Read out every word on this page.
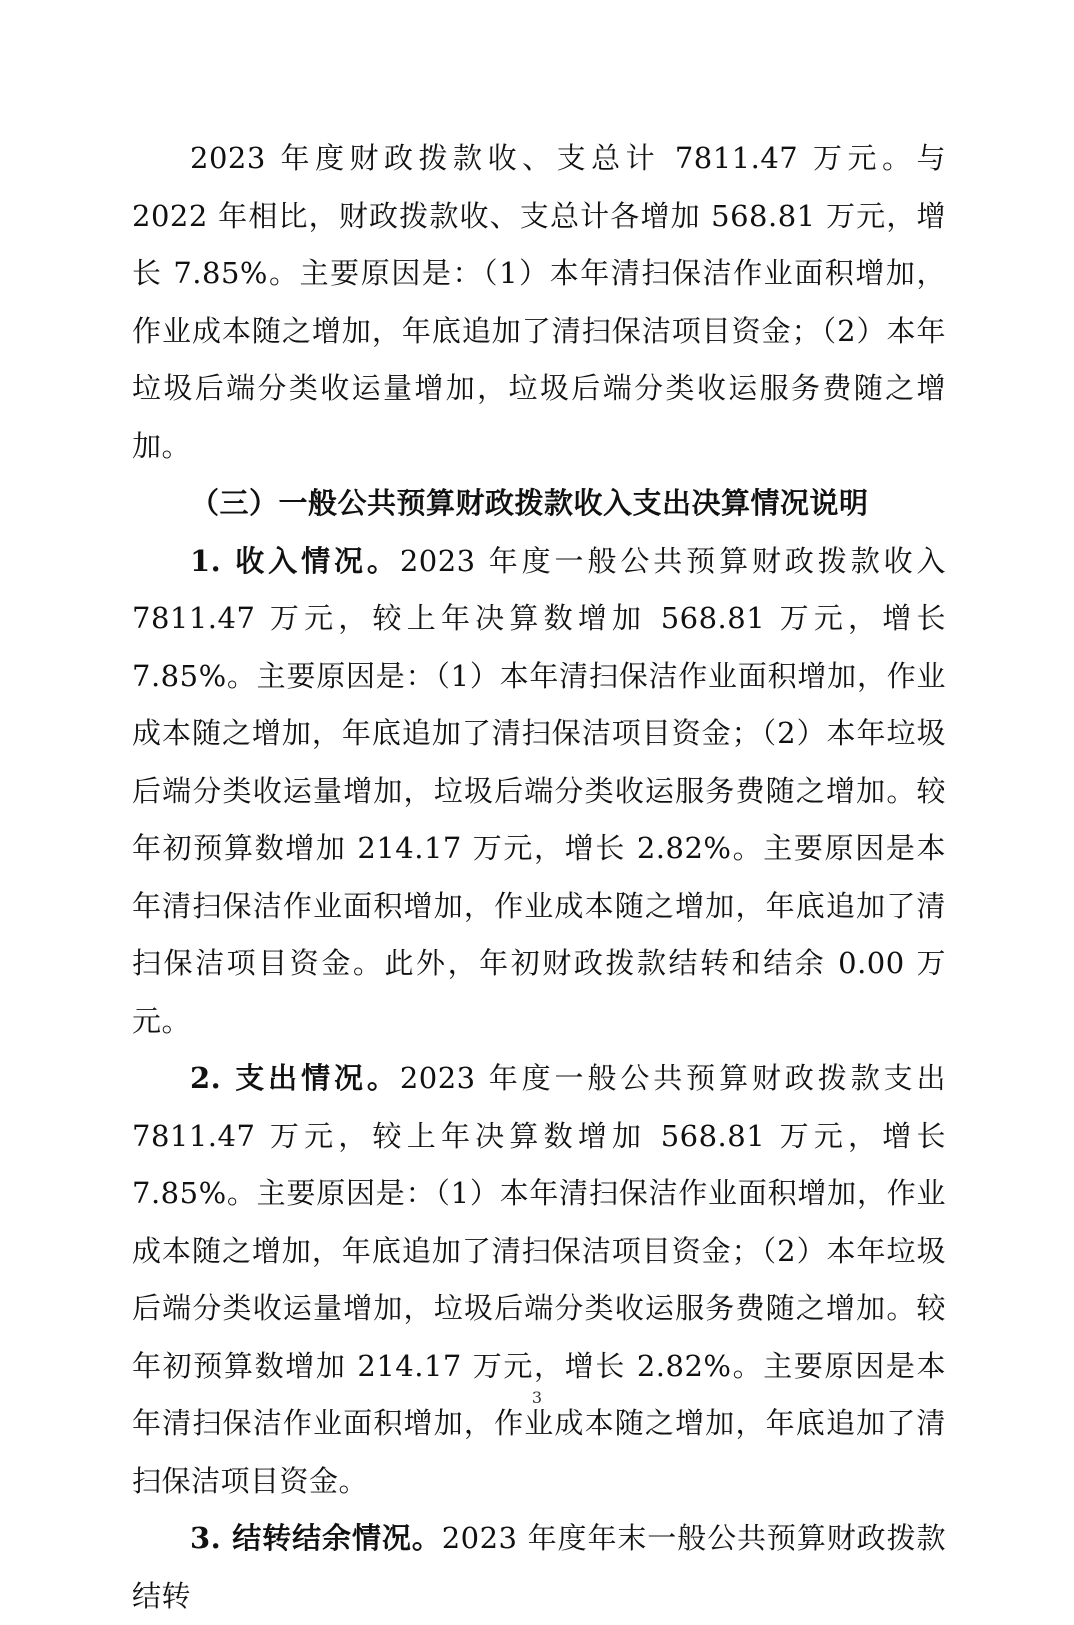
2023 年度财政拨款收、支总计 7811.47 万元。与 2022 年相比，财政拨款收、支总计各增加 568.81 万元，增长 7.85%。主要原因是：（1）本年清扫保洁作业面积增加，作业成本随之增加，年底追加了清扫保洁项目资金；（2）本年垃圾后端分类收运量增加，垃圾后端分类收运服务费随之增加。

（三）一般公共预算财政拨款收入支出决算情况说明

1. 收入情况。2023 年度一般公共预算财政拨款收入 7811.47 万元，较上年决算数增加 568.81 万元，增长 7.85%。主要原因是：（1）本年清扫保洁作业面积增加，作业成本随之增加，年底追加了清扫保洁项目资金；（2）本年垃圾后端分类收运量增加，垃圾后端分类收运服务费随之增加。较年初预算数增加 214.17 万元，增长 2.82%。主要原因是本年清扫保洁作业面积增加，作业成本随之增加，年底追加了清扫保洁项目资金。此外，年初财政拨款结转和结余 0.00 万元。

2. 支出情况。2023 年度一般公共预算财政拨款支出 7811.47 万元，较上年决算数增加 568.81 万元，增长 7.85%。主要原因是：（1）本年清扫保洁作业面积增加，作业成本随之增加，年底追加了清扫保洁项目资金；（2）本年垃圾后端分类收运量增加，垃圾后端分类收运服务费随之增加。较年初预算数增加 214.17 万元，增长 2.82%。主要原因是本年清扫保洁作业面积增加，作业成本随之增加，年底追加了清扫保洁项目资金。

3. 结转结余情况。2023 年度年末一般公共预算财政拨款结转

3
